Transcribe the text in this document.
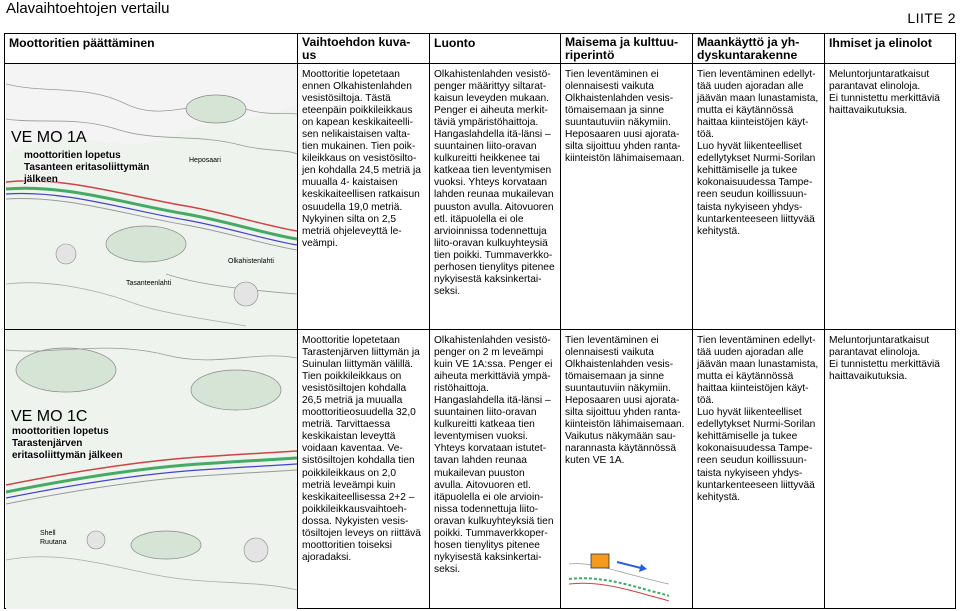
Alavaihtoehtojen vertailu
LIITE 2
Moottoritien päättäminen	Vaihtoehdon kuva-
us
Luonto	Maisema ja kulttuu-
riperintö
Maankäyttö ja yh-
dyskuntarakenne
Ihmiset ja elinolot
VE MO 1A
moottoritien lopetus
Tasanteen eritasoliittymän
jälkeen
Heposaari
Olkahistenlahti
Tasanteenlahti
VE MO 1C
moottoritien lopetus
Tarastenjärven
eritasoliittymän jälkeen
Shell
Ruutana

Moottoritie lopetetaan

ennen Olkahistenlahden

vesistösiltoja. Tästä

eteenpäin poikkileikkaus

on kapean keskikaiteelli-

sen nelikaistaisen valta-

tien mukainen. Tien poik-

kileikkaus on vesistösilto-

jen kohdalla 24,5 metriä ja

muualla 4- kaistaisen

keskikaiteellisen ratkaisun

osuudella 19,0 metriä.

Nykyinen silta on 2,5

metriä ohjeleveyttä le-

veämpi.

Olkahistenlahden vesistö-

penger määrittyy siltarat-

kaisun leveyden mukaan.

Penger ei aiheuta merkit-

täviä ympäristöhaittoja.

Hangaslahdella itä-länsi –

suuntainen liito-oravan

kulkureitti heikkenee tai

katkeaa tien leventymisen

vuoksi. Yhteys korvataan

lahden reunaa mukailevan

puuston avulla. Aitovuoren

etl. itäpuolella ei ole

arvioinnissa todennettuja

liito-oravan kulkuyhteysiä

tien poikki. Tummaverkko-

perhosen tienylitys pitenee

nykyisestä kaksinkertai-

seksi.

Tien leventäminen ei

olennaisesti vaikuta

Olkhaistenlahden vesis-

tömaisemaan ja sinne

suuntautuviin näkymiin.

Heposaaren uusi ajorata-

silta sijoittuu yhden ranta-

kiinteistön lähimaisemaan.

Tien leventäminen edellyt-

tää uuden ajoradan alle

jäävän maan lunastamista,

mutta ei käytännössä

haittaa kiinteistöjen käyt-

töä.

Luo hyvät liikenteelliset

edellytykset Nurmi-Sorilan

kehittämiselle ja tukee

kokonaisuudessa Tampe-

reen seudun koillissuun-

taista nykyiseen yhdys-

kuntarkenteeseen liittyvää

kehitystä.

Meluntorjuntaratkaisut

parantavat elinoloja.

Ei tunnistettu merkittäviä

haittavaikutuksia.

Moottoritie lopetetaan

Tarastenjärven liittymän ja

Suinulan liittymän välillä.

Tien poikkileikkaus on

vesistösiltojen kohdalla

26,5 metriä ja muualla

moottoritieosuudella 32,0

metriä. Tarvittaessa

keskikaistan leveyttä

voidaan kaventaa. Ve-

sistösiltojen kohdalla tien

poikkileikkaus on 2,0

metriä leveämpi kuin

keskikaiteellisessa 2+2 –

poikkileikkausvaihtoeh-

dossa. Nykyisten vesis-

tösiltojen leveys on riittävä

moottoritien toiseksi

ajoradaksi.

Olkahistenlahden vesistö-

penger on 2 m leveämpi

kuin VE 1A:ssa. Penger ei

aiheuta merkittäviä ympä-

ristöhaittoja.

Hangaslahdella itä-länsi –

suuntainen liito-oravan

kulkureitti katkeaa tien

leventymisen vuoksi.

Yhteys korvataan istutet-

tavan lahden reunaa

mukailevan puuston

avulla. Aitovuoren etl.

itäpuolella ei ole arvioin-

nissa todennettuja liito-

oravan kulkuyhteyksiä tien

poikki. Tummaverkkoper-

hosen tienylitys pitenee

nykyisestä kaksinkertai-

seksi.

Tien leventäminen ei

olennaisesti vaikuta

Olkhaistenlahden vesis-

tömaisemaan ja sinne

suuntautuviin näkymiin.

Heposaaren uusi ajorata-

silta sijoittuu yhden ranta-

kiinteistön lähimaisemaan.

Vaikutus näkymään sau-

narannasta käytännössä

kuten VE 1A.

Tien leventäminen edellyt-

tää uuden ajoradan alle

jäävän maan lunastamista,

mutta ei käytännössä

haittaa kiinteistöjen käyt-

töä.

Luo hyvät liikenteelliset

edellytykset Nurmi-Sorilan

kehittämiselle ja tukee

kokonaisuudessa Tampe-

reen seudun koillissuun-

taista nykyiseen yhdys-

kuntarkenteeseen liittyvää

kehitystä.

Meluntorjuntaratkaisut

parantavat elinoloja.

Ei tunnistettu merkittäviä

haittavaikutuksia.
